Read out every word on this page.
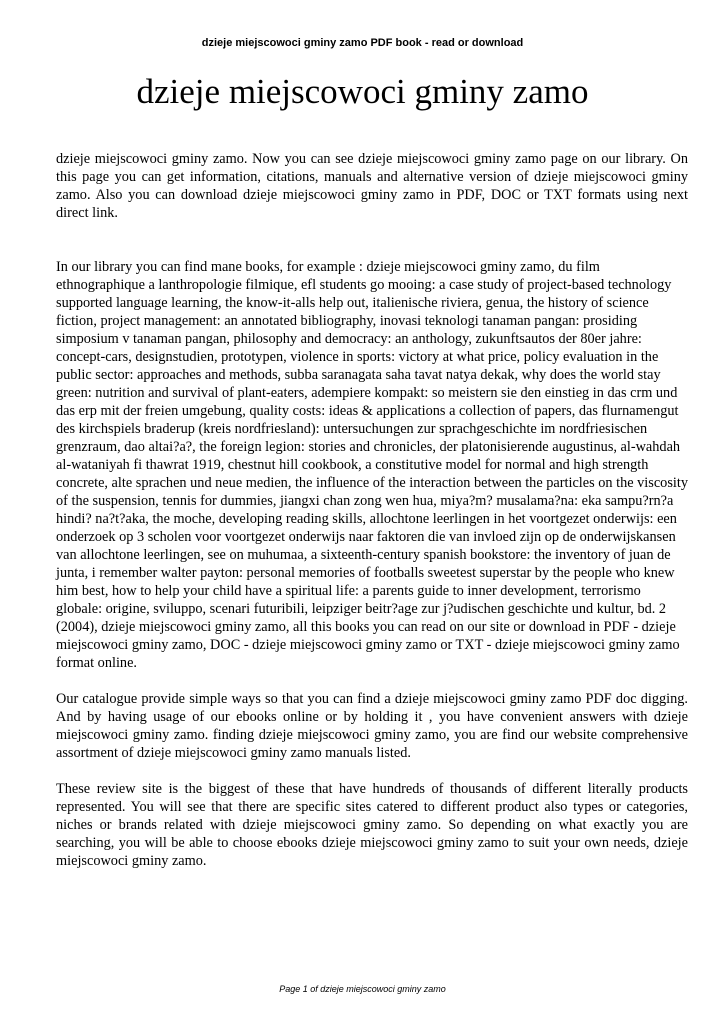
dzieje miejscowoci gminy zamo PDF book - read or download
dzieje miejscowoci gminy zamo

dzieje miejscowoci gminy zamo. Now you can see dzieje miejscowoci gminy zamo page on our library. On this page you can get information, citations, manuals and alternative version of dzieje miejscowoci gminy zamo. Also you can download dzieje miejscowoci gminy zamo in PDF, DOC or TXT formats using next direct link.

In our library you can find mane books, for example : dzieje miejscowoci gminy zamo, du film ethnographique a lanthropologie filmique, efl students go mooing: a case study of project-based technology supported language learning, the know-it-alls help out, italienische riviera, genua, the history of science fiction, project management: an annotated bibliography, inovasi teknologi tanaman pangan: prosiding simposium v tanaman pangan, philosophy and democracy: an anthology, zukunftsautos der 80er jahre: concept-cars, designstudien, prototypen, violence in sports: victory at what price, policy evaluation in the public sector: approaches and methods, subba saranagata saha tavat natya dekak, why does the world stay green: nutrition and survival of plant-eaters, adempiere kompakt: so meistern sie den einstieg in das crm und das erp mit der freien umgebung, quality costs: ideas & applications a collection of papers, das flurnamengut des kirchspiels braderup (kreis nordfriesland): untersuchungen zur sprachgeschichte im nordfriesischen grenzraum, dao altai?a?, the foreign legion: stories and chronicles, der platonisierende augustinus, al-wahdah al-wataniyah fi thawrat 1919, chestnut hill cookbook, a constitutive model for normal and high strength concrete, alte sprachen und neue medien, the influence of the interaction between the particles on the viscosity of the suspension, tennis for dummies, jiangxi chan zong wen hua, miya?m? musalama?na: eka sampu?rn?a hindi? na?t?aka, the moche, developing reading skills, allochtone leerlingen in het voortgezet onderwijs: een onderzoek op 3 scholen voor voortgezet onderwijs naar faktoren die van invloed zijn op de onderwijskansen van allochtone leerlingen, see on muhumaa, a sixteenth-century spanish bookstore: the inventory of juan de junta, i remember walter payton: personal memories of footballs sweetest superstar by the people who knew him best, how to help your child have a spiritual life: a parents guide to inner development, terrorismo globale: origine, sviluppo, scenari futuribili, leipziger beitr?age zur j?udischen geschichte und kultur, bd. 2 (2004), dzieje miejscowoci gminy zamo, all this books you can read on our site or download in PDF - dzieje miejscowoci gminy zamo, DOC - dzieje miejscowoci gminy zamo or TXT - dzieje miejscowoci gminy zamo format online.

Our catalogue provide simple ways so that you can find a dzieje miejscowoci gminy zamo PDF doc digging. And by having usage of our ebooks online or by holding it , you have convenient answers with dzieje miejscowoci gminy zamo. finding dzieje miejscowoci gminy zamo, you are find our website comprehensive assortment of dzieje miejscowoci gminy zamo manuals listed.

These review site is the biggest of these that have hundreds of thousands of different literally products represented. You will see that there are specific sites catered to different product also types or categories, niches or brands related with dzieje miejscowoci gminy zamo. So depending on what exactly you are searching, you will be able to choose ebooks dzieje miejscowoci gminy zamo to suit your own needs, dzieje miejscowoci gminy zamo.

Page 1 of dzieje miejscowoci gminy zamo
